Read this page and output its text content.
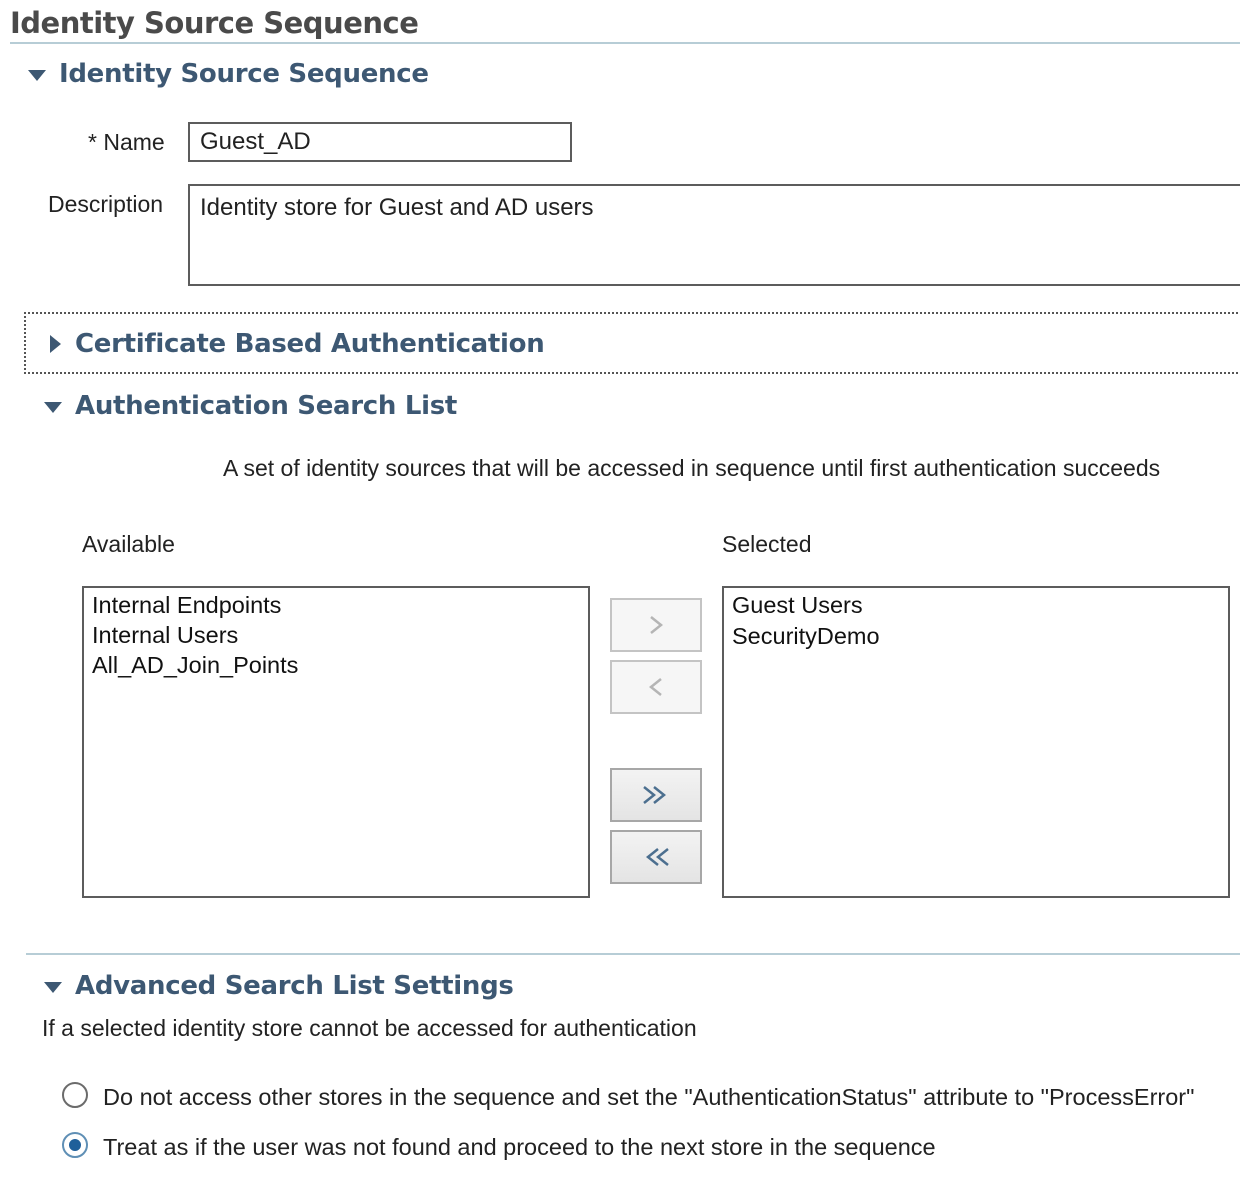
Identity Source Sequence
Identity Source Sequence
* Name
Guest_AD
Description
Identity store for Guest and AD users
Certificate Based Authentication
Authentication Search List
A set of identity sources that will be accessed in sequence until first authentication succeeds
Available	Selected
Internal Endpoints
Internal Users
All_AD_Join_Points
Guest Users
SecurityDemo
Advanced Search List Settings
If a selected identity store cannot be accessed for authentication
Do not access other stores in the sequence and set the "AuthenticationStatus" attribute to "ProcessError"
Treat as if the user was not found and proceed to the next store in the sequence
